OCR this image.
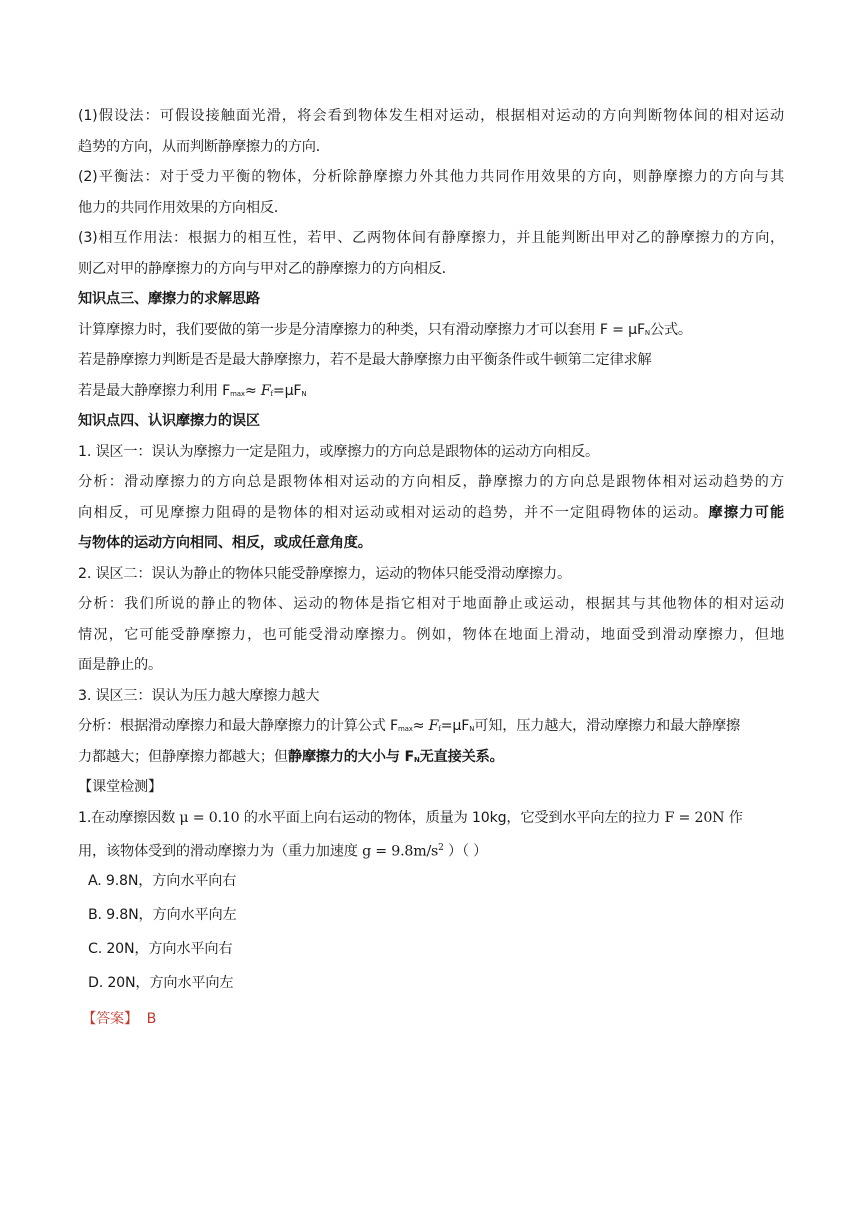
(1)假设法：可假设接触面光滑，将会看到物体发生相对运动，根据相对运动的方向判断物体间的相对运动
趋势的方向，从而判断静摩擦力的方向．
(2)平衡法：对于受力平衡的物体，分析除静摩擦力外其他力共同作用效果的方向，则静摩擦力的方向与其
他力的共同作用效果的方向相反．
(3)相互作用法：根据力的相互性，若甲、乙两物体间有静摩擦力，并且能判断出甲对乙的静摩擦力的方向，
则乙对甲的静摩擦力的方向与甲对乙的静摩擦力的方向相反．
知识点三、摩擦力的求解思路
计算摩擦力时，我们要做的第一步是分清摩擦力的种类，只有滑动摩擦力才可以套用 $F = \mu F_N$公式。
若是静摩擦力判断是否是最大静摩擦力，若不是最大静摩擦力由平衡条件或牛顿第二定律求解
若是最大静摩擦力利用 $F_{max}\approx F_f=\mu F_N$
知识点四、认识摩擦力的误区
1. 误区一：误认为摩擦力一定是阻力，或摩擦力的方向总是跟物体的运动方向相反。
分析：滑动摩擦力的方向总是跟物体相对运动的方向相反，静摩擦力的方向总是跟物体相对运动趋势的方
向相反，可见摩擦力阻碍的是物体的相对运动或相对运动的趋势，并不一定阻碍物体的运动。摩擦力可能
与物体的运动方向相同、相反，或成任意角度。
2. 误区二：误认为静止的物体只能受静摩擦力，运动的物体只能受滑动摩擦力。
分析：我们所说的静止的物体、运动的物体是指它相对于地面静止或运动，根据其与其他物体的相对运动
情况，它可能受静摩擦力，也可能受滑动摩擦力。例如，物体在地面上滑动，地面受到滑动摩擦力，但地
面是静止的。
3. 误区三：误认为压力越大摩擦力越大
分析：根据滑动摩擦力和最大静摩擦力的计算公式 $F_{max}\approx F_f=\mu F_N$可知，压力越大，滑动摩擦力和最大静摩擦
力都越大；但静摩擦力都越大；但静摩擦力的大小与 $F_N$无直接关系。
【课堂检测】
1.在动摩擦因数 μ = 0.10 的水平面上向右运动的物体，质量为 10kg，它受到水平向左的拉力 F = 20N 作
用，该物体受到的滑动摩擦力为（重力加速度 $g = 9.8m/s^2$ ）（ ）
A. 9.8N，方向水平向右
B. 9.8N，方向水平向左
C. 20N，方向水平向右
D. 20N，方向水平向左
【答案】 B
